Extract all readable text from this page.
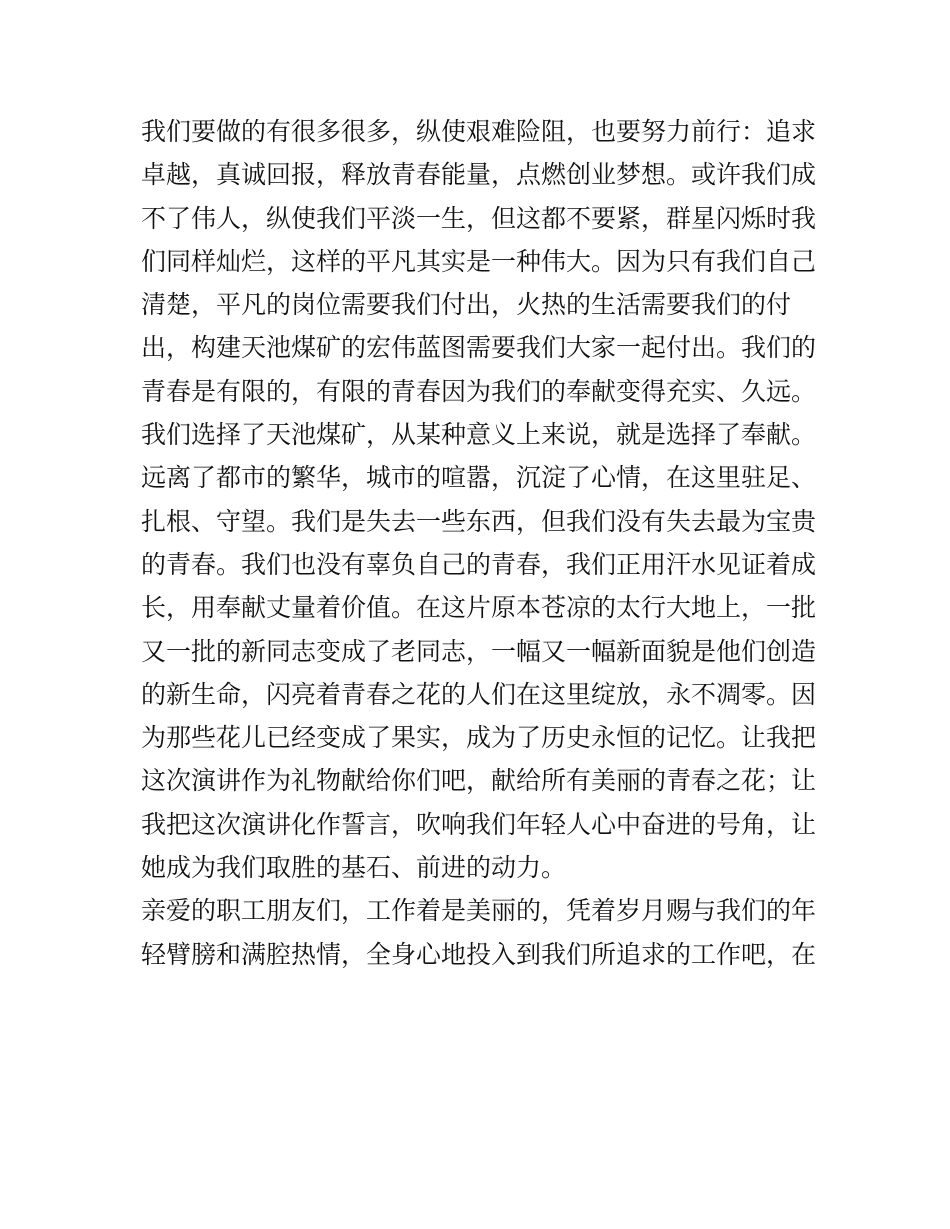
我们要做的有很多很多，纵使艰难险阻，也要努力前行：追求
卓越，真诚回报，释放青春能量，点燃创业梦想。或许我们成
不了伟人，纵使我们平淡一生，但这都不要紧，群星闪烁时我
们同样灿烂，这样的平凡其实是一种伟大。因为只有我们自己
清楚，平凡的岗位需要我们付出，火热的生活需要我们的付
出，构建天池煤矿的宏伟蓝图需要我们大家一起付出。我们的
青春是有限的，有限的青春因为我们的奉献变得充实、久远。
我们选择了天池煤矿，从某种意义上来说，就是选择了奉献。
远离了都市的繁华，城市的喧嚣，沉淀了心情，在这里驻足、
扎根、守望。我们是失去一些东西，但我们没有失去最为宝贵
的青春。我们也没有辜负自己的青春，我们正用汗水见证着成
长，用奉献丈量着价值。在这片原本苍凉的太行大地上，一批
又一批的新同志变成了老同志，一幅又一幅新面貌是他们创造
的新生命，闪亮着青春之花的人们在这里绽放，永不凋零。因
为那些花儿已经变成了果实，成为了历史永恒的记忆。让我把
这次演讲作为礼物献给你们吧，献给所有美丽的青春之花；让
我把这次演讲化作誓言，吹响我们年轻人心中奋进的号角，让
她成为我们取胜的基石、前进的动力。
亲爱的职工朋友们，工作着是美丽的，凭着岁月赐与我们的年
轻臂膀和满腔热情，全身心地投入到我们所追求的工作吧，在
